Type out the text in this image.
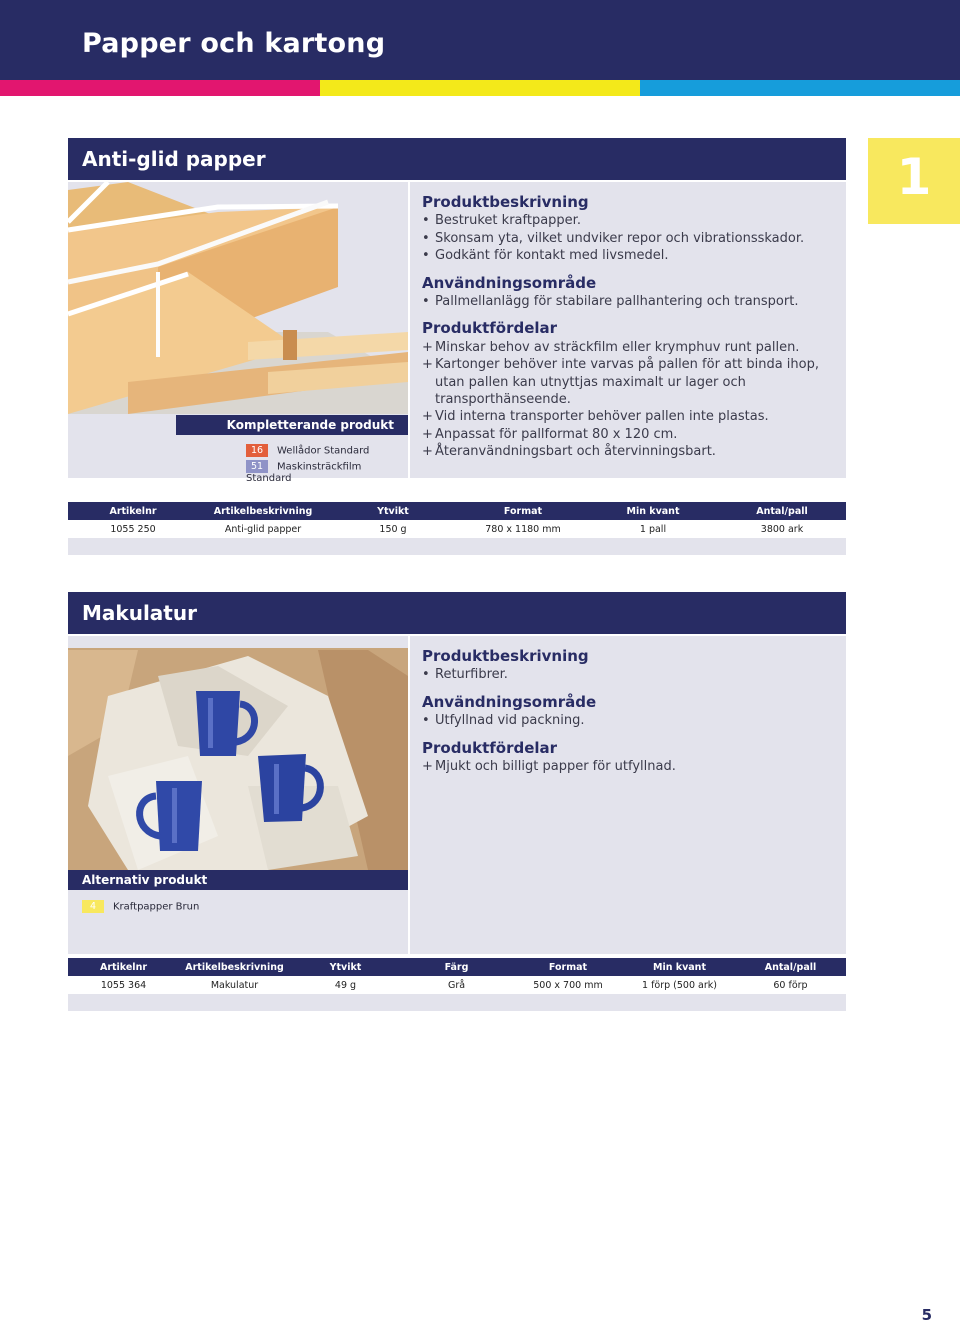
Papper och kartong
1
Anti-glid papper
Kompletterande produkt
16 Wellådor Standard
51 Maskinsträckfilm Standard
Produktbeskrivning
• Bestruket kraftpapper.
• Skonsam yta, vilket undviker repor och vibrationsskador.
• Godkänt för kontakt med livsmedel.
Användningsområde
• Pallmellanlägg för stabilare pallhantering och transport.
Produktfördelar
+ Minskar behov av sträckfilm eller krymphuv runt pallen.
+ Kartonger behöver inte varvas på pallen för att binda ihop, utan pallen kan utnyttjas maximalt ur lager och transporthänseende.
+ Vid interna transporter behöver pallen inte plastas.
+ Anpassat för pallformat 80 x 120 cm.
+ Återanvändningsbart och återvinningsbart.
Artikelnr	Artikelbeskrivning	Ytvikt	Format	Min kvant	Antal/pall
1055 250	Anti-glid papper	150 g	780 x 1180 mm	1 pall	3800 ark

Makulatur
Alternativ produkt
4 Kraftpapper Brun
Produktbeskrivning
• Returfibrer.
Användningsområde
• Utfyllnad vid packning.
Produktfördelar
+ Mjukt och billigt papper för utfyllnad.
Artikelnr	Artikelbeskrivning	Ytvikt	Färg	Format	Min kvant	Antal/pall
1055 364	Makulatur	49 g	Grå	500 x 700 mm	1 förp (500 ark)	60 förp

5
